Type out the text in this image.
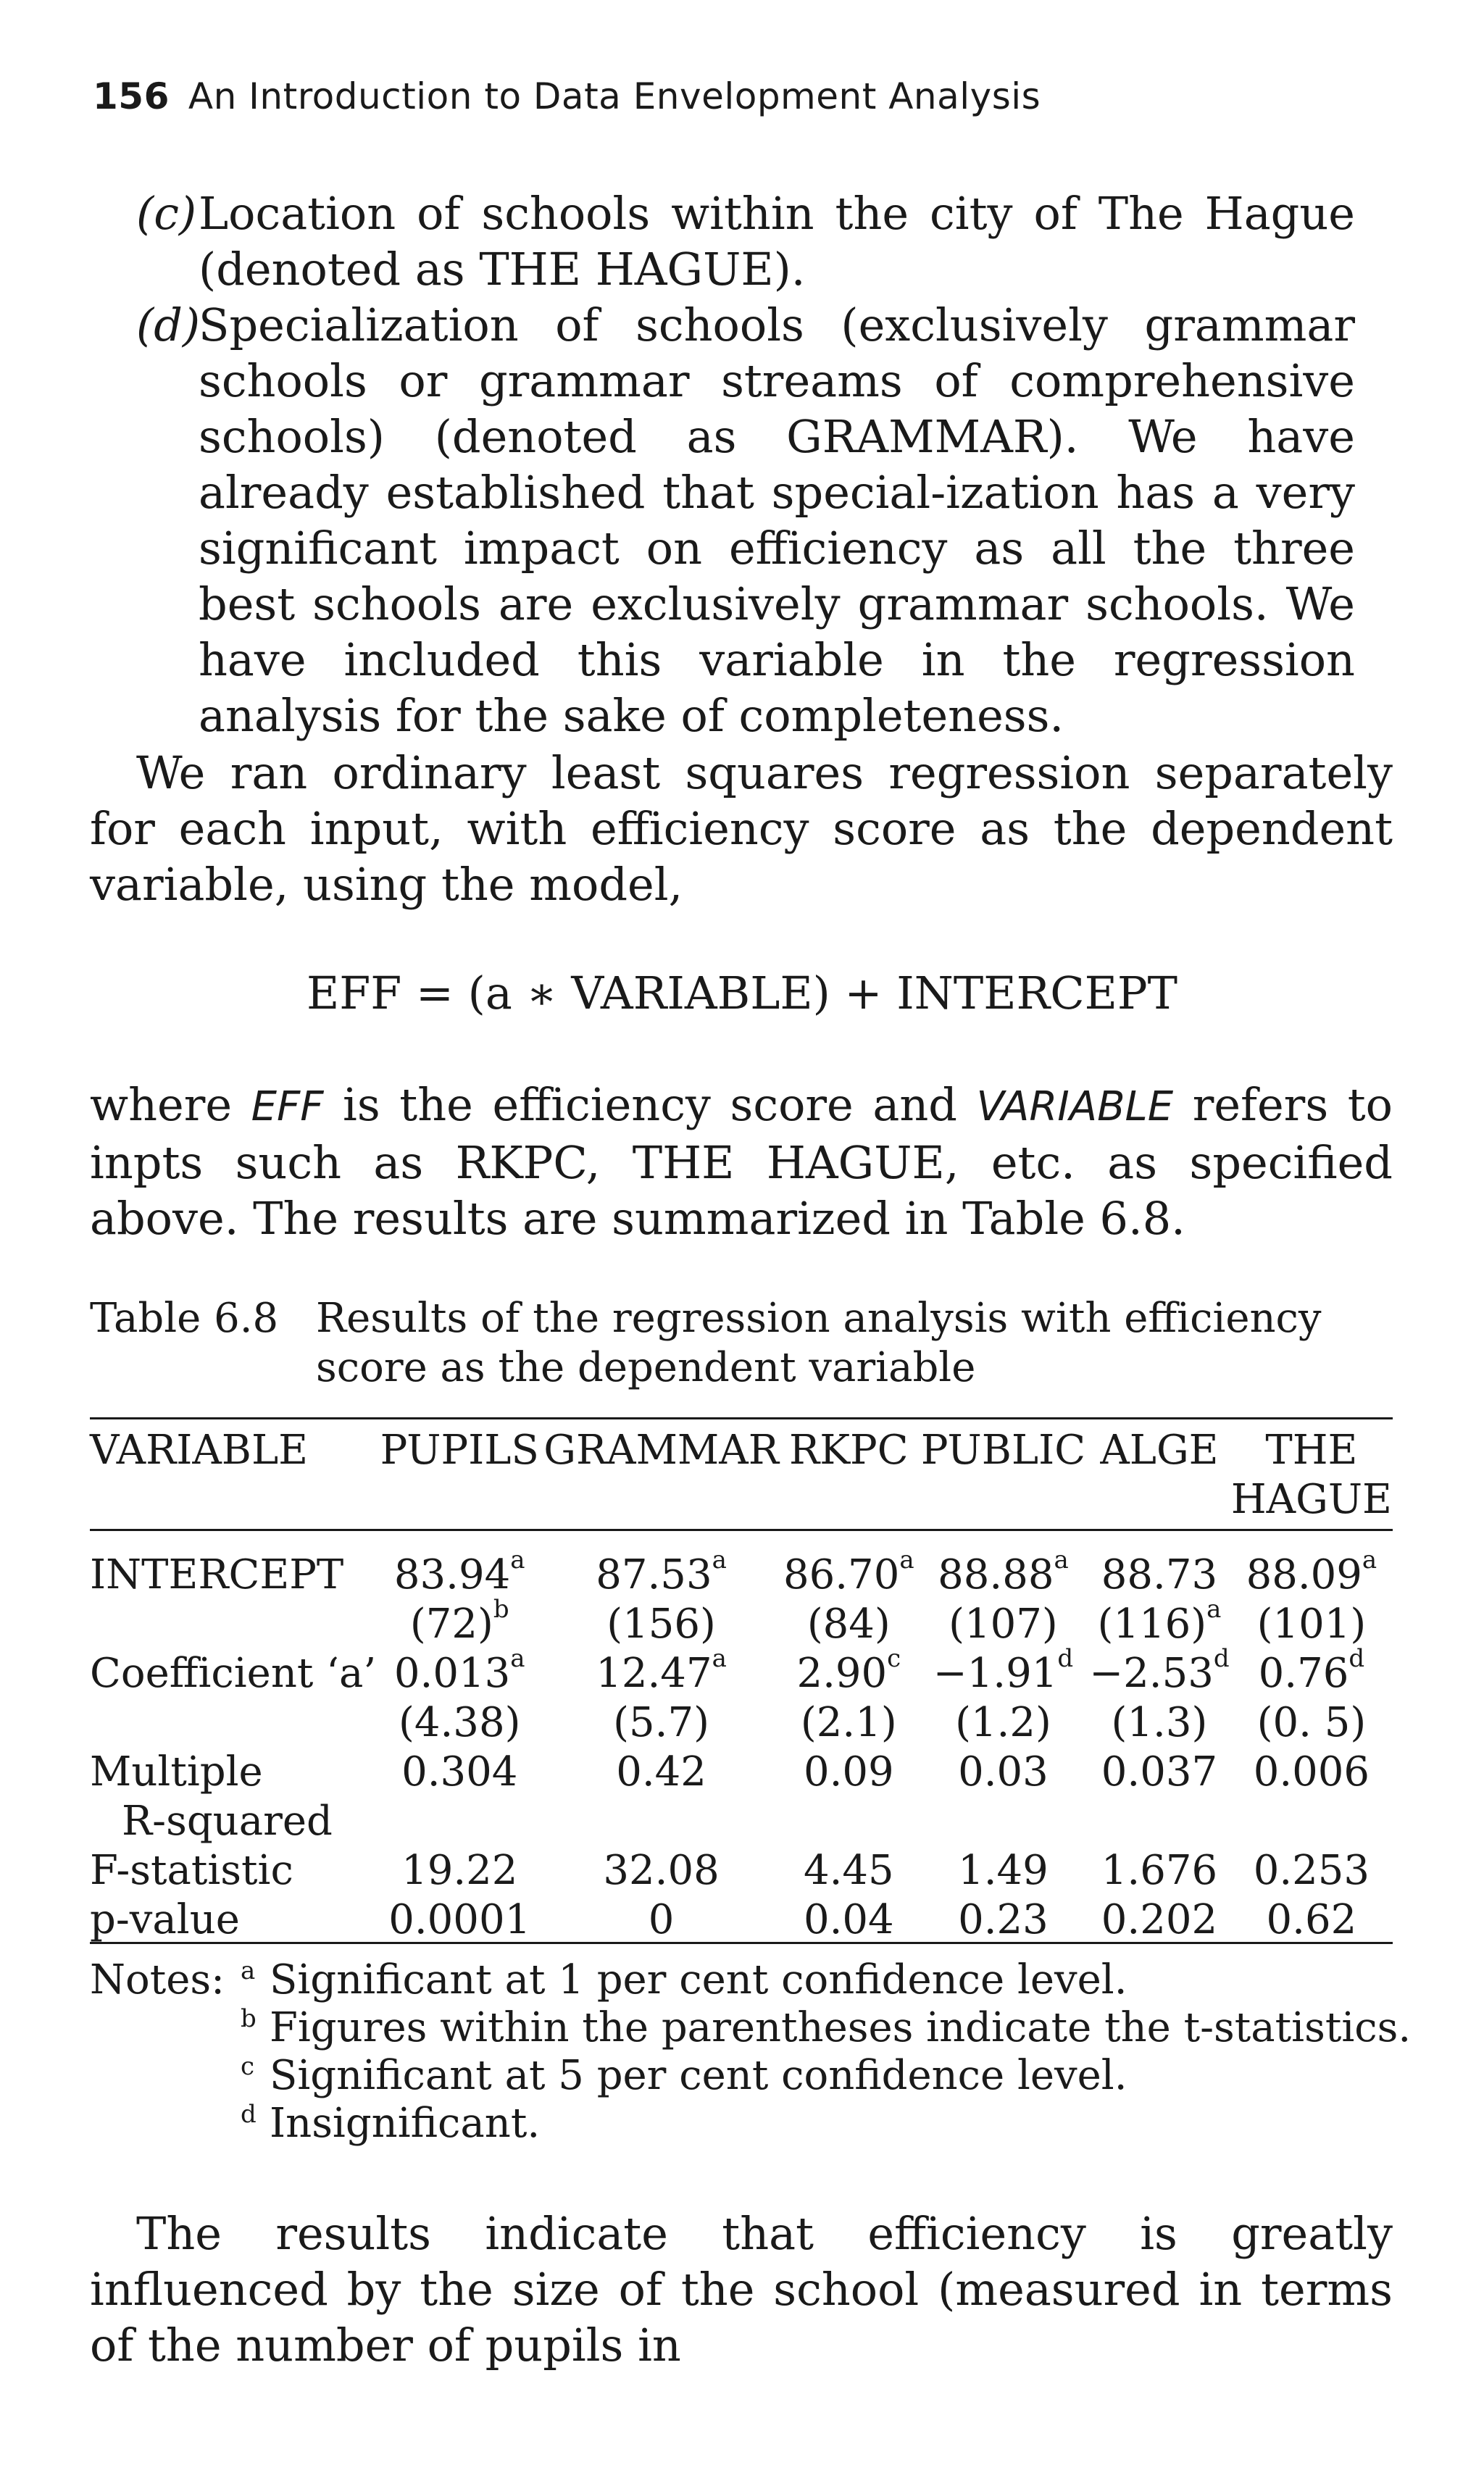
156 An Introduction to Data Envelopment Analysis
(c) Location of schools within the city of The Hague (denoted as THE HAGUE).
(d)
Specialization of schools (exclusively grammar schools or grammar streams of comprehensive schools) (denoted as GRAMMAR). We have already established that special-ization has a very significant impact on efficiency as all the three best schools are exclusively grammar schools. We have included this variable in the regression analysis for the sake of completeness.
We ran ordinary least squares regression separately for each input, with efficiency score as the dependent variable, using the model,
EFF = (a ∗ VARIABLE) + INTERCEPT
where EFF is the efficiency score and VARIABLE refers to inpts such as RKPC, THE HAGUE, etc. as specified above. The results are summarized in Table 6.8.
Table 6.8 Results of the regression analysis with efficiency score as the dependent variable
VARIABLE	PUPILS	GRAMMAR	RKPC	PUBLIC	ALGE	THE HAGUE

INTERCEPT	83.94$^a$	87.53$^a$	86.70$^a$	88.88$^a$	88.73	88.09$^a$
	$(72)^b$	(156)	(84)	(107)	$(116)^a$	(101)
Coefficient ‘a’	0.013$^a$	12.47$^a$	2.90$^c$	−1.91$^d$	−2.53$^d$	0.76$^d$
	(4.38)	(5.7)	(2.1)	(1.2)	(1.3)	(0. 5)
Multiple	0.304	0.42	0.09	0.03	0.037	0.006
R-squared						
F-statistic	19.22	32.08	4.45	1.49	1.676	0.253
p-value	0.0001	0	0.04	0.23	0.202	0.62
Notes: a Significant at 1 per cent confidence level.
b Figures within the parentheses indicate the t-statistics.
c Significant at 5 per cent confidence level.
d Insignificant.
The results indicate that efficiency is greatly influenced by the size of the school (measured in terms of the number of pupils in
